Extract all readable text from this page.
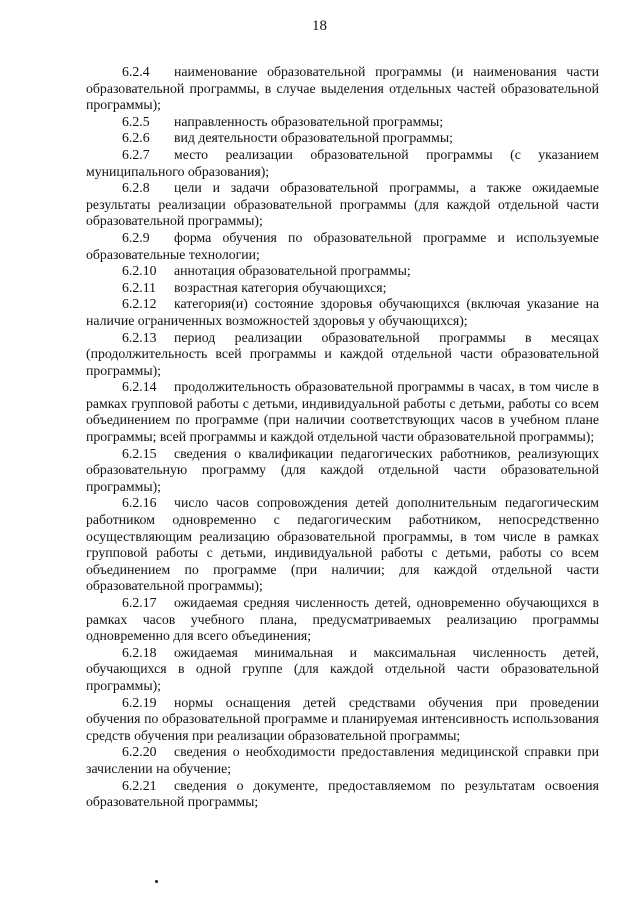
18

6.2.4 наименование образовательной программы (и наименования части образовательной программы, в случае выделения отдельных частей образовательной программы);

6.2.5 направленность образовательной программы;

6.2.6 вид деятельности образовательной программы;

6.2.7 место реализации образовательной программы (с указанием муниципального образования);

6.2.8 цели и задачи образовательной программы, а также ожидаемые результаты реализации образовательной программы (для каждой отдельной части образовательной программы);

6.2.9 форма обучения по образовательной программе и используемые образовательные технологии;

6.2.10 аннотация образовательной программы;

6.2.11 возрастная категория обучающихся;

6.2.12 категория(и) состояние здоровья обучающихся (включая указание на наличие ограниченных возможностей здоровья у обучающихся);

6.2.13 период реализации образовательной программы в месяцах (продолжительность всей программы и каждой отдельной части образовательной программы);

6.2.14 продолжительность образовательной программы в часах, в том числе в рамках групповой работы с детьми, индивидуальной работы с детьми, работы со всем объединением по программе (при наличии соответствующих часов в учебном плане программы; всей программы и каждой отдельной части образовательной программы);

6.2.15 сведения о квалификации педагогических работников, реализующих образовательную программу (для каждой отдельной части образовательной программы);

6.2.16 число часов сопровождения детей дополнительным педагогическим работником одновременно с педагогическим работником, непосредственно осуществляющим реализацию образовательной программы, в том числе в рамках групповой работы с детьми, индивидуальной работы с детьми, работы со всем объединением по программе (при наличии; для каждой отдельной части образовательной программы);

6.2.17 ожидаемая средняя численность детей, одновременно обучающихся в рамках часов учебного плана, предусматриваемых реализацию программы одновременно для всего объединения;

6.2.18 ожидаемая минимальная и максимальная численность детей, обучающихся в одной группе (для каждой отдельной части образовательной программы);

6.2.19 нормы оснащения детей средствами обучения при проведении обучения по образовательной программе и планируемая интенсивность использования средств обучения при реализации образовательной программы;

6.2.20 сведения о необходимости предоставления медицинской справки при зачислении на обучение;

6.2.21 сведения о документе, предоставляемом по результатам освоения образовательной программы;
